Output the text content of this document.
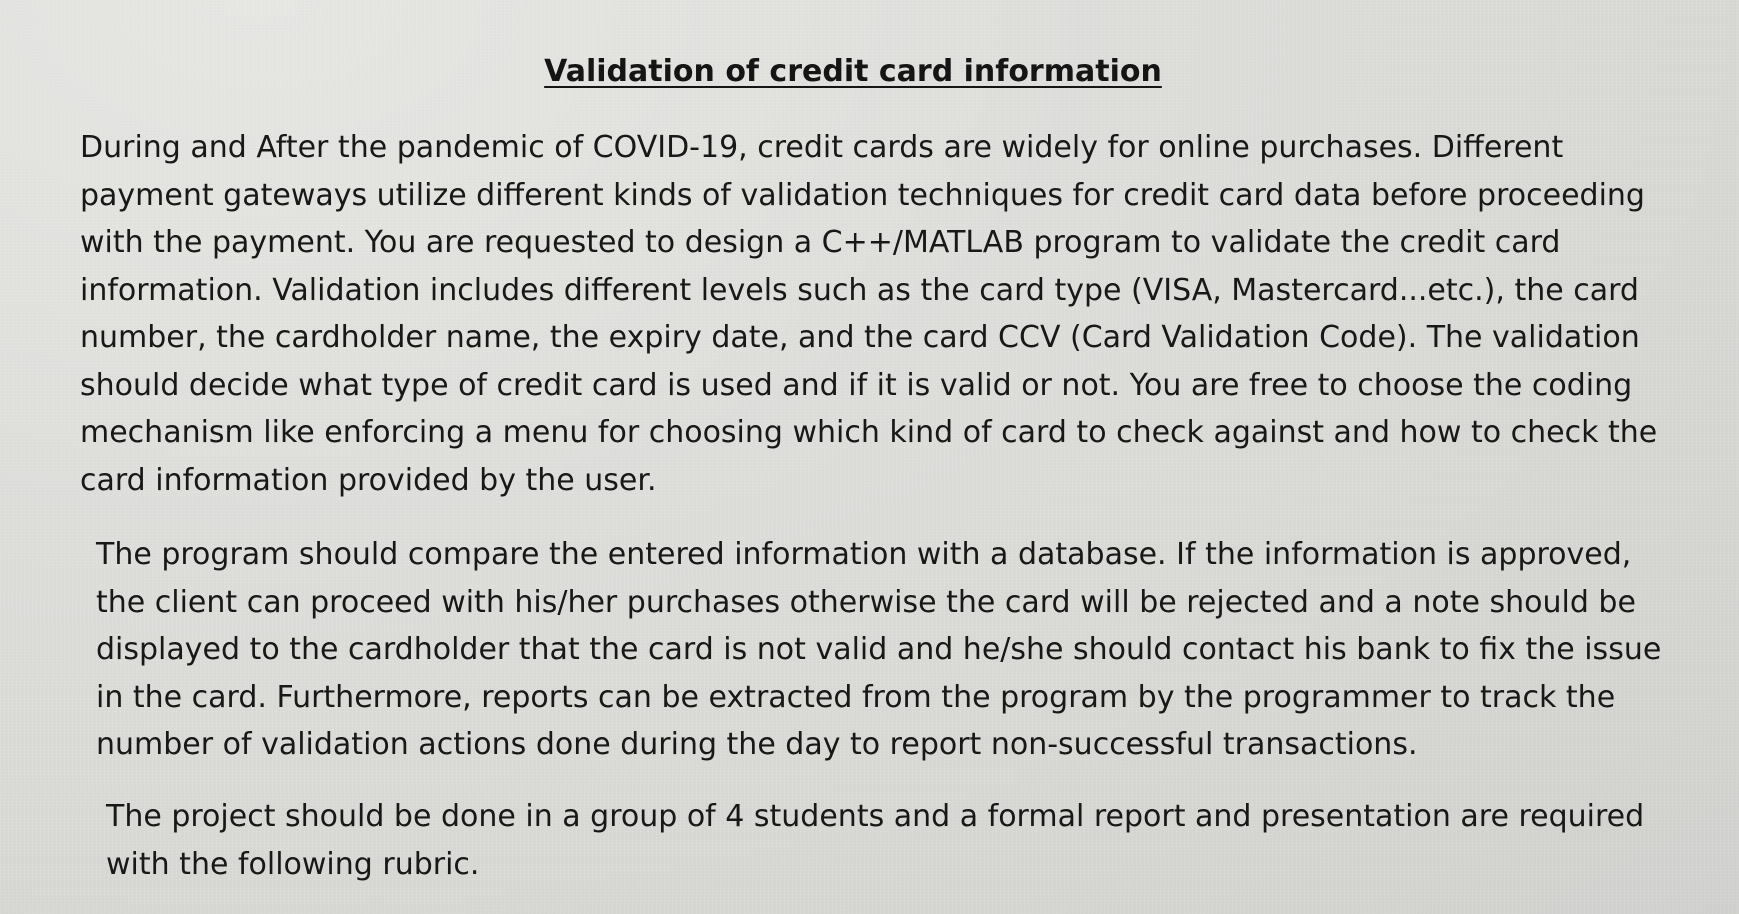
Validation of credit card information

During and After the pandemic of COVID-19, credit cards are widely for online purchases. Different
payment gateways utilize different kinds of validation techniques for credit card data before proceeding
with the payment. You are requested to design a C++/MATLAB program to validate the credit card
information. Validation includes different levels such as the card type (VISA, Mastercard...etc.), the card
number, the cardholder name, the expiry date, and the card CCV (Card Validation Code). The validation
should decide what type of credit card is used and if it is valid or not. You are free to choose the coding
mechanism like enforcing a menu for choosing which kind of card to check against and how to check the
card information provided by the user.

The program should compare the entered information with a database. If the information is approved,
the client can proceed with his/her purchases otherwise the card will be rejected and a note should be
displayed to the cardholder that the card is not valid and he/she should contact his bank to fix the issue
in the card. Furthermore, reports can be extracted from the program by the programmer to track the
number of validation actions done during the day to report non-successful transactions.

The project should be done in a group of 4 students and a formal report and presentation are required
with the following rubric.
